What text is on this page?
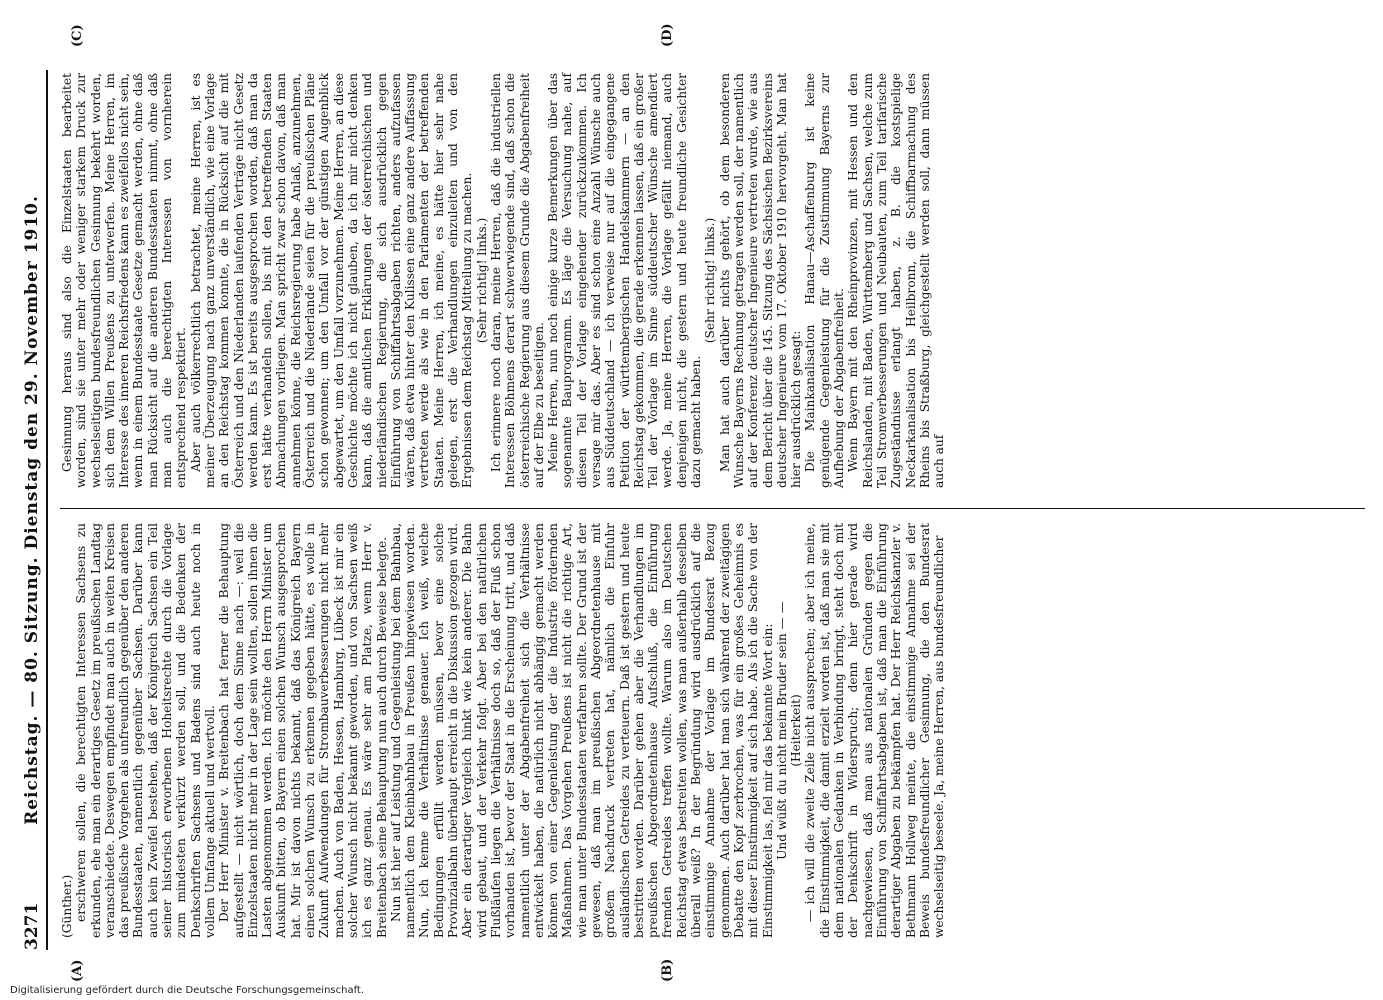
3271
Reichstag. — 80. Sitzung. Dienstag den 29. November 1910.
(C)	(D)
(A)	(B)

(Günther.) erschweren sollen, die berechtigten Interessen Sachsens zu erkunden, ehe man ein derartiges Gesetz im preußischen Landtag veranschiedete. Deswegen empfindet man auch in weiten Kreisen das preußische Vorgehen als unfreundlich gegenüber den anderen Bundesstaaten, namentlich gegenüber Sachsen. Darüber kann auch kein Zweifel bestehen, daß der Königreich Sachsen ein Teil seiner historisch erworbenen Hoheitsrechte durch die Vorlage zum mindesten verkürzt werden soll, und die Bedenken der Denkschriften Sachsens und Badens sind auch heute noch in vollem Umfange aktuell und wertvoll. Der Herr Minister v. Breitenbach hat ferner die Behauptung aufgestellt — nicht wörtlich, doch dem Sinne nach —: weil die Einzelstaaten nicht mehr in der Lage sein wollten, sollen ihnen die Lasten abgenommen werden. Ich möchte den Herrn Minister um Auskunft bitten, ob Bayern einen solchen Wunsch ausgesprochen hat. Mir ist davon nichts bekannt, daß das Königreich Bayern einen solchen Wunsch zu erkennen gegeben hätte, es wolle in Zukunft Aufwendungen für Strombauverbesserungen nicht mehr machen. Auch von Baden, Hessen, Hamburg, Lübeck ist mir ein solcher Wunsch nicht bekannt geworden, und von Sachsen weiß ich es ganz genau. Es wäre sehr am Platze, wenn Herr v. Breitenbach seine Behauptung nun auch durch Beweise belegte. Nun ist hier auf Leistung und Gegenleistung bei dem Bahnbau, namentlich dem Kleinbahnbau in Preußen hingewiesen worden. Nun, ich kenne die Verhältnisse genauer. Ich weiß, welche Bedingungen erfüllt werden müssen, bevor eine solche Provinzialbahn überhaupt erreicht in die Diskussion gezogen wird. Aber ein derartiger Vergleich hinkt wie kein anderer. Die Bahn wird gebaut, und der Verkehr folgt. Aber bei den natürlichen Flußläufen liegen die Verhältnisse doch so, daß der Fluß schon vorhanden ist, bevor der Staat in die Erscheinung tritt, und daß namentlich unter der Abgabenfreiheit sich die Verhältnisse entwickelt haben, die natürlich nicht abhängig gemacht werden können von einer Gegenleistung der die Industrie fördernden Maßnahmen. Das Vorgehen Preußens ist nicht die richtige Art, wie man unter Bundesstaaten verfahren sollte. Der Grund ist der gewesen, daß man im preußischen Abgeordnetenhause mit großem Nachdruck vertreten hat, nämlich die Einfuhr ausländischen Getreides zu verteuern. Daß ist gestern und heute bestritten worden. Darüber gehen aber die Verhandlungen im preußischen Abgeordnetenhause Aufschluß, die Einführung fremden Getreides treffen wollte. Warum also im Deutschen Reichstag etwas bestreiten wollen, was man außerhalb desselben überall weiß? In der Begründung wird ausdrücklich auf die einstimmige Annahme der Vorlage im Bundesrat Bezug genommen. Auch darüber hat man sich während der zweitägigen Debatte den Kopf zerbrochen, was für ein großes Geheimnis es mit dieser Einstimmigkeit auf sich habe. Als ich die Sache von der Einstimmigkeit las, fiel mir das bekannte Wort ein: Und wüßt du nicht mein Bruder sein — — (Heiterkeit) — ich will die zweite Zeile nicht aussprechen; aber ich meine, die Einstimmigkeit, die damit erzielt worden ist, daß man sie mit dem nationalen Gedanken in Verbindung bringt, steht doch mit der Denkschrift in Widerspruch; denn hier gerade wird nachgewiesen, daß man aus nationalen Gründen gegen die Einführung von Schiffahrtsabgaben ist, daß man die Einführung derartiger Abgaben zu bekämpfen hat. Der Herr Reichskanzler v. Bethmann Hollweg meinte, die einstimmige Annahme sei der Beweis bundesfreundlicher Gesinnung, die den Bundesrat wechselseitig beseele. Ja, meine Herren, aus bundesfreundlicher

Gesinnung heraus sind also die Einzelstaaten bearbeitet worden, sind sie unter mehr oder weniger starkem Druck zur wechselseitigen bundesfreundlichen Gesinnung bekehrt worden, sich dem Willen Preußens zu unterwerfen. Meine Herren, im Interesse des inneren Reichsfriedens kann es zweifellos nicht sein, wenn in einem Bundesstaate Gesetze gemacht werden, ohne daß man Rücksicht auf die anderen Bundesstaaten nimmt, ohne daß man auch die berechtigten Interessen von vornherein entsprechend respektiert. Aber auch völkerrechtlich betrachtet, meine Herren, ist es meiner Überzeugung nach ganz unverständlich, wie eine Vorlage an den Reichstag kommen konnte, die in Rücksicht auf die mit Österreich und den Niederlanden laufenden Verträge nicht Gesetz werden kann. Es ist bereits ausgesprochen worden, daß man da erst hätte verhandeln sollen, bis mit den betreffenden Staaten Abmachungen vorliegen. Man spricht zwar schon davon, daß man annehmen könne, die Reichsregierung habe Anlaß, anzunehmen, Österreich und die Niederlande seien für die preußischen Pläne schon gewonnen; um den Umfall vor der günstigen Augenblick abgewartet, um den Umfall vorzunehmen. Meine Herren, an diese Geschichte möchte ich nicht glauben, da ich mir nicht denken kann, daß die amtlichen Erklärungen der österreichischen und niederländischen Regierung, die sich ausdrücklich gegen Einführung von Schiffahrtsabgaben richten, anders aufzufassen wären, daß etwa hinter den Kulissen eine ganz andere Auffassung vertreten werde als wie in den Parlamenten der betreffenden Staaten. Meine Herren, ich meine, es hätte hier sehr nahe gelegen, erst die Verhandlungen einzuleiten und von den Ergebnissen dem Reichstag Mitteilung zu machen. (Sehr richtig! links.) Ich erinnere noch daran, meine Herren, daß die industriellen Interessen Böhmens derart schwerwiegende sind, daß schon die österreichische Regierung aus diesem Grunde die Abgabenfreiheit auf der Elbe zu beseitigen. Meine Herren, nun noch einige kurze Bemerkungen über das sogenannte Bauprogramm. Es läge die Versuchung nahe, auf diesen Teil der Vorlage eingehender zurückzukommen. Ich versage mir das. Aber es sind schon eine Anzahl Wünsche auch aus Süddeutschland — ich verweise nur auf die eingegangene Petition der württembergischen Handelskammern — an den Reichstag gekommen, die gerade erkennen lassen, daß ein großer Teil der Vorlage im Sinne süddeutscher Wünsche amendiert werde. Ja, meine Herren, die Vorlage gefällt niemand, auch denjenigen nicht, die gestern und heute freundliche Gesichter dazu gemacht haben.

(Sehr richtig! links.) Man hat auch darüber nichts gehört, ob dem besonderen Wunsche Bayerns Rechnung getragen werden soll, der namentlich auf der Konferenz deutscher Ingenieure vertreten wurde, wie aus dem Bericht über die 145. Sitzung des Sächsischen Bezirksvereins deutscher Ingenieure vom 17. Oktober 1910 hervorgeht. Man hat hier ausdrücklich gesagt: Die Mainkanalisation Hanau—Aschaffenburg ist keine genügende Gegenleistung für die Zustimmung Bayerns zur Aufhebung der Abgabenfreiheit. Wenn Bayern mit den Rheinprovinzen, mit Hessen und den Reichslanden, mit Baden, Württemberg und Sachsen, welche zum Teil Stromverbesserungen und Neubauten, zum Teil tarifarische Zugeständnisse erlangt haben, z. B. die kostspielige Neckarkanalisation bis Heilbronn, die Schiffbarmachung des Rheins bis Straßburg, gleichgestellt werden soll, dann müssen auch auf

Digitalisierung gefördert durch die Deutsche Forschungsgemeinschaft.
